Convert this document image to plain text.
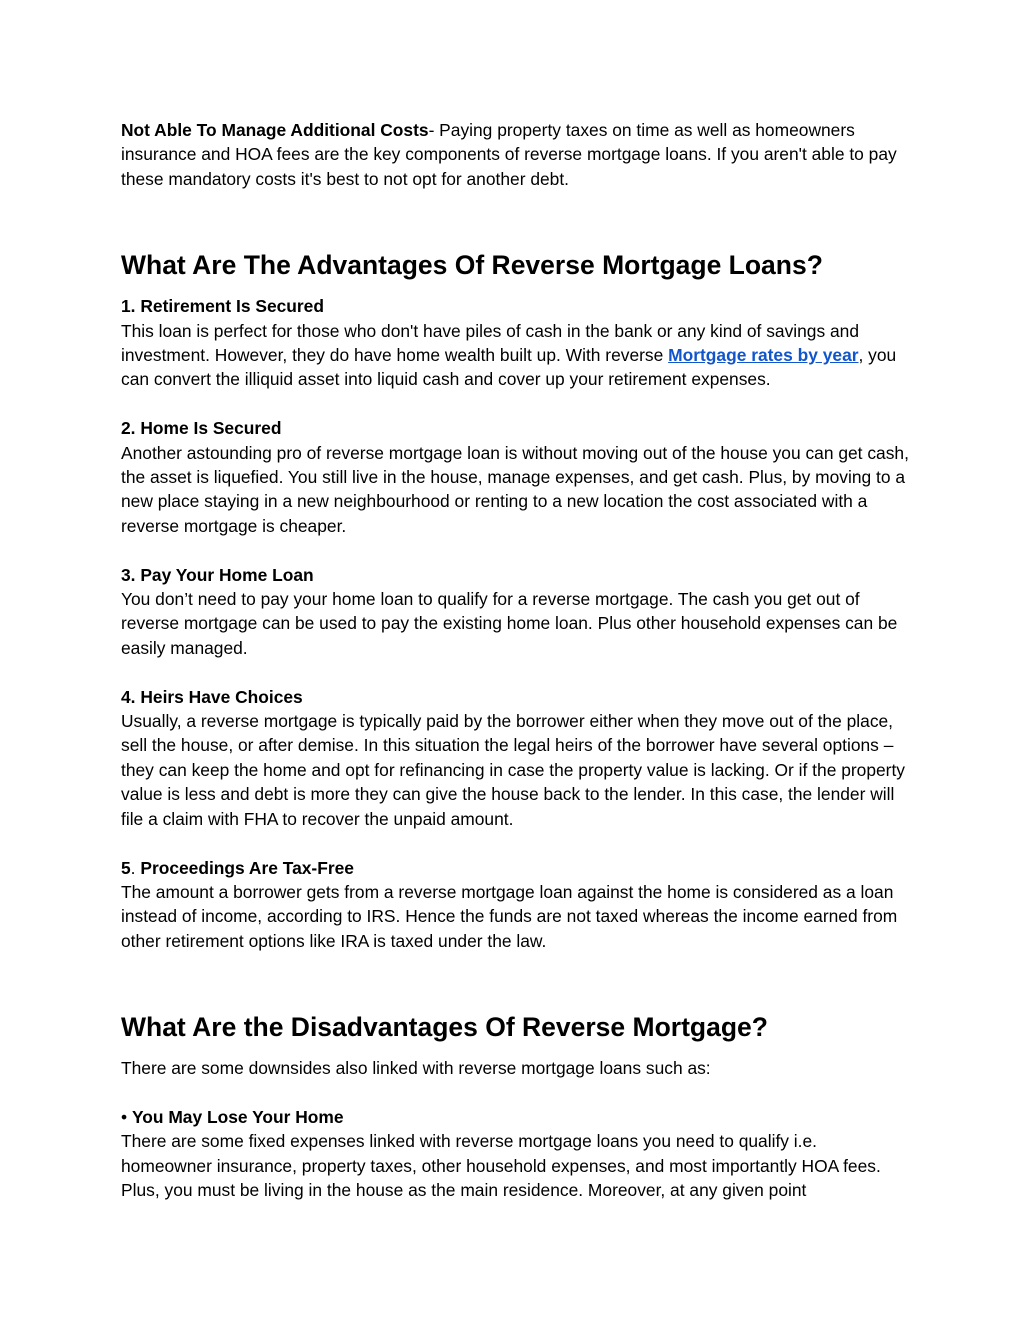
Not Able To Manage Additional Costs- Paying property taxes on time as well as homeowners insurance and HOA fees are the key components of reverse mortgage loans. If you aren't able to pay these mandatory costs it's best to not opt for another debt.

What Are The Advantages Of Reverse Mortgage Loans?

1. Retirement Is Secured
This loan is perfect for those who don't have piles of cash in the bank or any kind of savings and investment. However, they do have home wealth built up. With reverse Mortgage rates by year, you can convert the illiquid asset into liquid cash and cover up your retirement expenses.

2. Home Is Secured
Another astounding pro of reverse mortgage loan is without moving out of the house you can get cash, the asset is liquefied. You still live in the house, manage expenses, and get cash. Plus, by moving to a new place staying in a new neighbourhood or renting to a new location the cost associated with a reverse mortgage is cheaper.

3. Pay Your Home Loan
You don’t need to pay your home loan to qualify for a reverse mortgage. The cash you get out of reverse mortgage can be used to pay the existing home loan. Plus other household expenses can be easily managed.

4. Heirs Have Choices
Usually, a reverse mortgage is typically paid by the borrower either when they move out of the place, sell the house, or after demise. In this situation the legal heirs of the borrower have several options – they can keep the home and opt for refinancing in case the property value is lacking. Or if the property value is less and debt is more they can give the house back to the lender. In this case, the lender will file a claim with FHA to recover the unpaid amount.

5. Proceedings Are Tax-Free
The amount a borrower gets from a reverse mortgage loan against the home is considered as a loan instead of income, according to IRS. Hence the funds are not taxed whereas the income earned from other retirement options like IRA is taxed under the law.

What Are the Disadvantages Of Reverse Mortgage?

There are some downsides also linked with reverse mortgage loans such as:

• You May Lose Your Home
There are some fixed expenses linked with reverse mortgage loans you need to qualify i.e. homeowner insurance, property taxes, other household expenses, and most importantly HOA fees. Plus, you must be living in the house as the main residence. Moreover, at any given point
